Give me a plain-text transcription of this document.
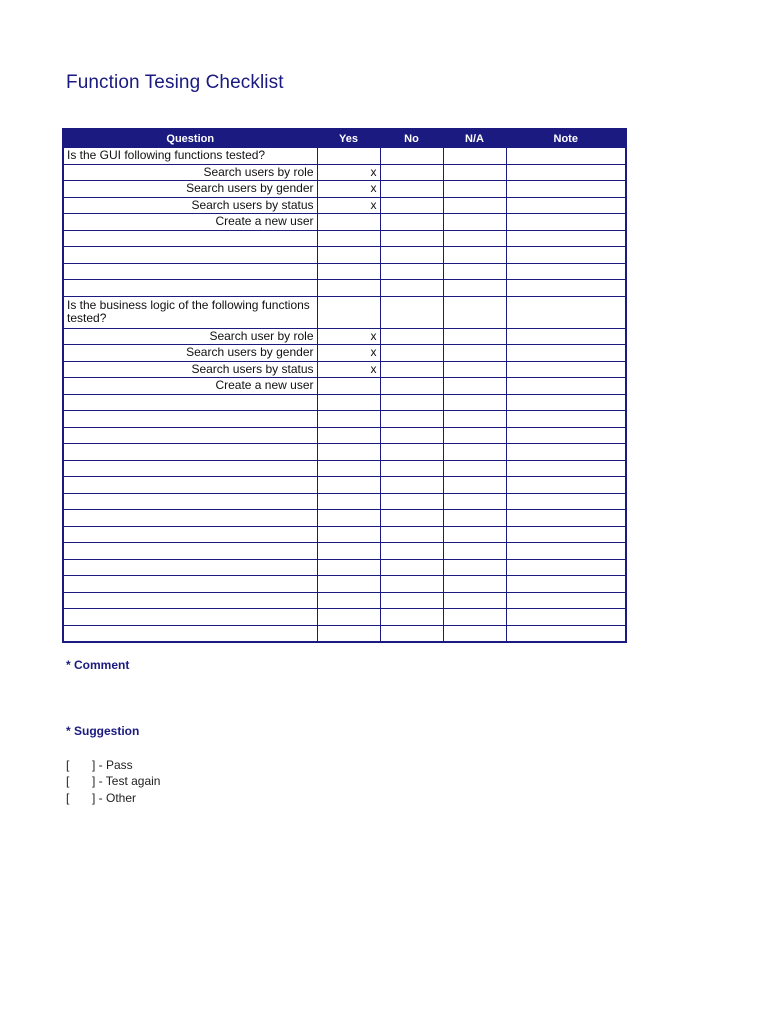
Function Tesing Checklist
Question	Yes	No	N/A	Note
Is the GUI following functions tested?				
Search users by role	x			
Search users by gender	x			
Search users by status	x			
Create a new user				

Is the business logic of the following functions tested?				
Search user by role	x			
Search users by gender	x			
Search users by status	x			
Create a new user				

* Comment
* Suggestion
[ ] - Pass
[ ] - Test again
[ ] - Other
